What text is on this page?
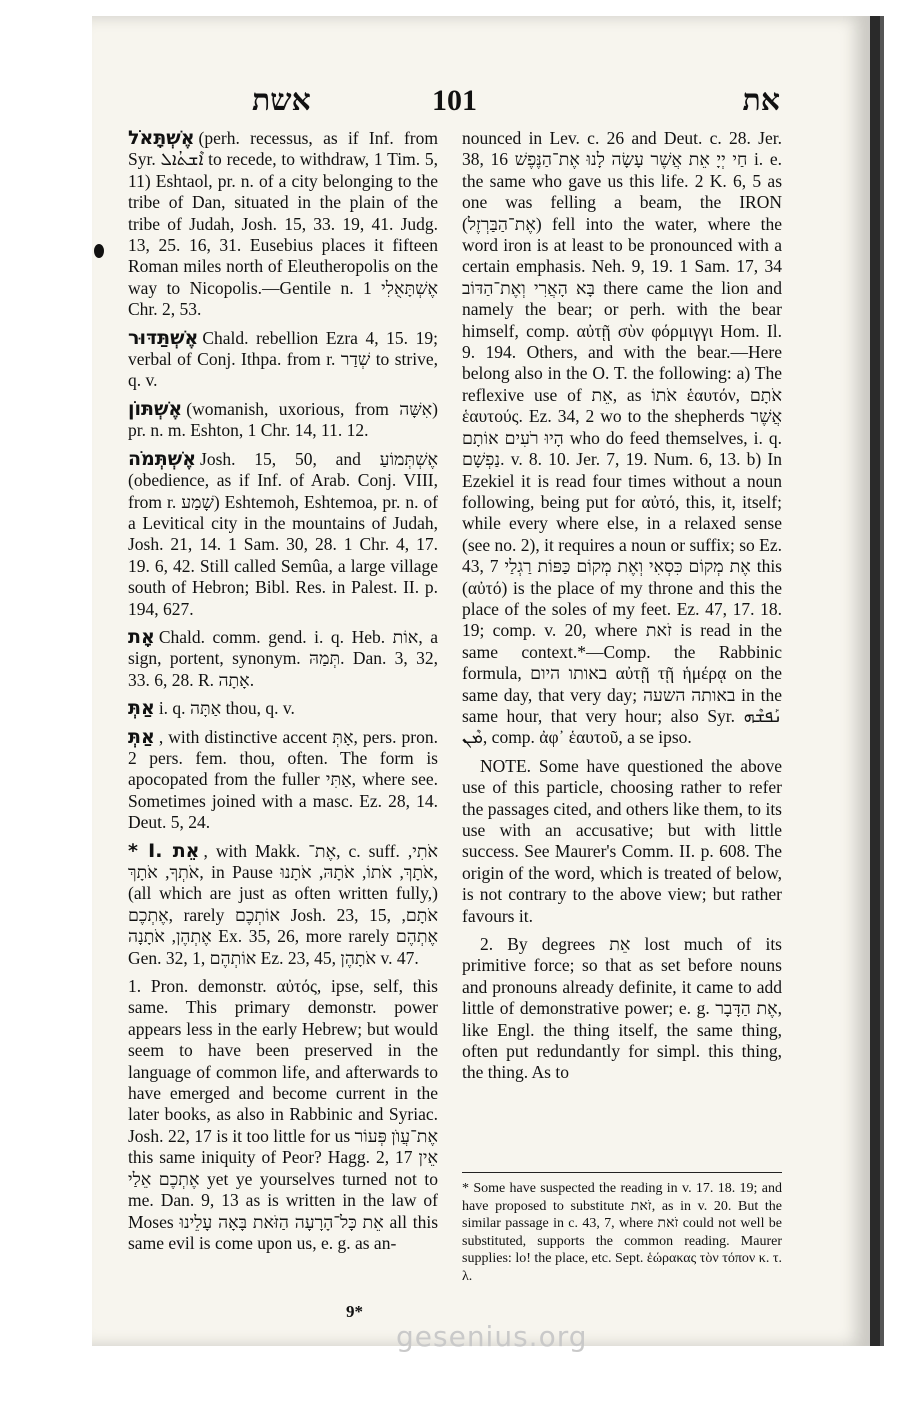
אשת	101	את

אֶשְׁתָּאֹל (perh. recessus, as if Inf. from Syr. ܐܶܫܬܳܐܠ to recede, to withdraw, 1 Tim. 5, 11) Eshtaol, pr. n. of a city belonging to the tribe of Dan, situated in the plain of the tribe of Judah, Josh. 15, 33. 19, 41. Judg. 13, 25. 16, 31. Eusebius places it fifteen Roman miles north of Eleutheropolis on the way to Nicopolis.—Gentile n. אֶשְׁתָּאֻלִי 1 Chr. 2, 53.

אֶשְׁתַּדּוּר Chald. rebellion Ezra 4, 15. 19; verbal of Conj. Ithpa. from r. שְׁדַר to strive, q. v.

אֶשְׁתּוֹן (womanish, uxorious, from אִשָּׁה) pr. n. m. Eshton, 1 Chr. 14, 11. 12.

אֶשְׁתְּמֹה Josh. 15, 50, and אֶשְׁתְּמוֹעַ (obedience, as if Inf. of Arab. Conj. VIII, from r. שָׁמַע) Eshtemoh, Eshtemoa, pr. n. of a Levitical city in the mountains of Judah, Josh. 21, 14. 1 Sam. 30, 28. 1 Chr. 4, 17. 19. 6, 42. Still called Semûa, a large village south of Hebron; Bibl. Res. in Palest. II. p. 194, 627.

אָת Chald. comm. gend. i. q. Heb. אוֹת, a sign, portent, synonym. תְּמַהּ. Dan. 3, 32, 33. 6, 28. R. אָתָה.

אַתְּ i. q. אַתָּה thou, q. v.

אַתְּ , with distinctive accent אָתְּ, pers. pron. 2 pers. fem. thou, often. The form is apocopated from the fuller אַתִּי, where see. Sometimes joined with a masc. Ez. 28, 14. Deut. 5, 24.

* I. אֵת , with Makk. אֶת־, c. suff. אֹתִי, אֹתְךָ, אֹתָךְ, in Pause אֹתָךְ, אֹתוֹ, אֹתָהּ, אֹתָנוּ, (all which are just as often written fully,) אֶתְכֶם, rarely אוֹתְכֶם Josh. 23, 15, אֹתָם, אֶתְהֶן, אֹתָנָה Ex. 35, 26, more rarely אֶתְהֶם Gen. 32, 1, אוֹתְהֶם Ez. 23, 45, אֹתָהֶן v. 47.

1. Pron. demonstr. αὐτός, ipse, self, this same. This primary demonstr. power appears less in the early Hebrew; but would seem to have been preserved in the language of common life, and afterwards to have emerged and become current in the later books, as also in Rabbinic and Syriac. Josh. 22, 17 is it too little for us אֶת־עֲוֺן פְּעוֹר this same iniquity of Peor? Hagg. 2, 17 אֵין אֶתְכֶם אֵלַי yet ye yourselves turned not to me. Dan. 9, 13 as is written in the law of Moses אֵת כָּל־הָרָעָה הַזֹּאת בָּאָה עָלֵינוּ all this same evil is come upon us, e. g. as an-

nounced in Lev. c. 26 and Deut. c. 28. Jer. 38, 16 חַי יְיָ אֵת אֲשֶׁר עָשָׂה לָנוּ אֶת־הַנֶּפֶשׁ i. e. the same who gave us this life. 2 K. 6, 5 as one was felling a beam, the IRON (אֶת־הַבַּרְזֶל) fell into the water, where the word iron is at least to be pronounced with a certain emphasis. Neh. 9, 19. 1 Sam. 17, 34 בָּא הָאֲרִי וְאֶת־הַדּוֹב there came the lion and namely the bear; or perh. with the bear himself, comp. αὐτῇ σὺν φόρμιγγι Hom. Il. 9. 194. Others, and with the bear.—Here belong also in the O. T. the following: a) The reflexive use of אֵת, as אֹתוֹ ἑαυτόν, אֹתָם ἑαυτούς. Ez. 34, 2 wo to the shepherds אֲשֶׁר הָיוּ רֹעִים אוֹתָם who do feed themselves, i. q. נַפְשָׁם. v. 8. 10. Jer. 7, 19. Num. 6, 13. b) In Ezekiel it is read four times without a noun following, being put for αὐτό, this, it, itself; while every where else, in a relaxed sense (see no. 2), it requires a noun or suffix; so Ez. 43, 7 אֶת מְקוֹם כִּסְאִי וְאֶת מְקוֹם כַּפּוֹת רַגְלַי this (αὐτό) is the place of my throne and this the place of the soles of my feet. Ez. 47, 17. 18. 19; comp. v. 20, where זֹאת is read in the same context.*—Comp. the Rabbinic formula, באותו היום αὐτῇ τῇ ἡμέρᾳ on the same day, that very day; באותה השעה in the same hour, that very hour; also Syr. ܢܰܦܫܶܗ ܡܶܢ, comp. ἀφ᾽ ἑαυτοῦ, a se ipso.

NOTE. Some have questioned the above use of this particle, choosing rather to refer the passages cited, and others like them, to its use with an accusative; but with little success. See Maurer's Comm. II. p. 608. The origin of the word, which is treated of below, is not contrary to the above view; but rather favours it.

2. By degrees אֵת lost much of its primitive force; so that as set before nouns and pronouns already definite, it came to add little of demonstrative power; e. g. אֶת הַדָּבָר, like Engl. the thing itself, the same thing, often put redundantly for simpl. this thing, the thing. As to

* Some have suspected the reading in v. 17. 18. 19; and have proposed to substitute זֹאת, as in v. 20. But the similar passage in c. 43, 7, where זֹאת could not well be substituted, supports the common reading. Maurer supplies: lo! the place, etc. Sept. ἑώρακας τὸν τόπον κ. τ. λ.
9*
gesenius.org
